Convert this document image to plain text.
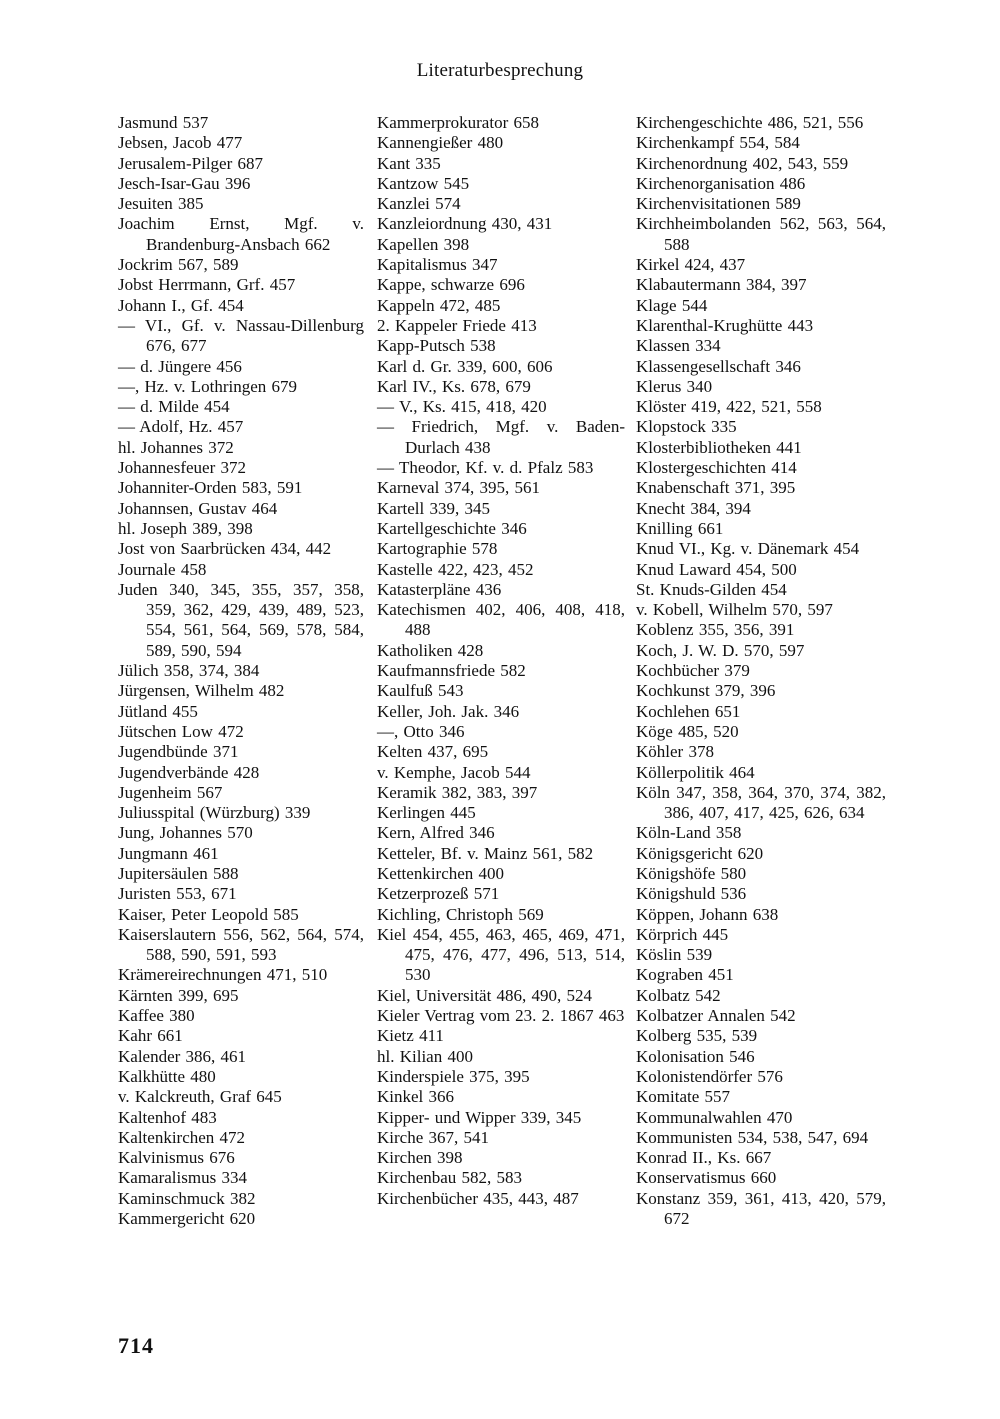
Literaturbesprechung
Jasmund 537
Jebsen, Jacob 477
Jerusalem-Pilger 687
Jesch-Isar-Gau 396
Jesuiten 385
Joachim Ernst, Mgf. v. Brandenburg-Ansbach 662
Jockrim 567, 589
Jobst Herrmann, Grf. 457
Johann I., Gf. 454
— VI., Gf. v. Nassau-Dillenburg 676, 677
— d. Jüngere 456
—, Hz. v. Lothringen 679
— d. Milde 454
— Adolf, Hz. 457
hl. Johannes 372
Johannesfeuer 372
Johanniter-Orden 583, 591
Johannsen, Gustav 464
hl. Joseph 389, 398
Jost von Saarbrücken 434, 442
Journale 458
Juden 340, 345, 355, 357, 358, 359, 362, 429, 439, 489, 523, 554, 561, 564, 569, 578, 584, 589, 590, 594
Jülich 358, 374, 384
Jürgensen, Wilhelm 482
Jütland 455
Jütschen Low 472
Jugendbünde 371
Jugendverbände 428
Jugenheim 567
Juliusspital (Würzburg) 339
Jung, Johannes 570
Jungmann 461
Jupitersäulen 588
Juristen 553, 671
Kaiser, Peter Leopold 585
Kaiserslautern 556, 562, 564, 574, 588, 590, 591, 593
Krämereirechnungen 471, 510
Kärnten 399, 695
Kaffee 380
Kahr 661
Kalender 386, 461
Kalkhütte 480
v. Kalckreuth, Graf 645
Kaltenhof 483
Kaltenkirchen 472
Kalvinismus 676
Kamaralismus 334
Kaminschmuck 382
Kammergericht 620
Kammerprokurator 658
Kannengießer 480
Kant 335
Kantzow 545
Kanzlei 574
Kanzleiordnung 430, 431
Kapellen 398
Kapitalismus 347
Kappe, schwarze 696
Kappeln 472, 485
2. Kappeler Friede 413
Kapp-Putsch 538
Karl d. Gr. 339, 600, 606
Karl IV., Ks. 678, 679
— V., Ks. 415, 418, 420
— Friedrich, Mgf. v. Baden-Durlach 438
— Theodor, Kf. v. d. Pfalz 583
Karneval 374, 395, 561
Kartell 339, 345
Kartellgeschichte 346
Kartographie 578
Kastelle 422, 423, 452
Katasterpläne 436
Katechismen 402, 406, 408, 418, 488
Katholiken 428
Kaufmannsfriede 582
Kaulfuß 543
Keller, Joh. Jak. 346
—, Otto 346
Kelten 437, 695
v. Kemphe, Jacob 544
Keramik 382, 383, 397
Kerlingen 445
Kern, Alfred 346
Ketteler, Bf. v. Mainz 561, 582
Kettenkirchen 400
Ketzerprozeß 571
Kichling, Christoph 569
Kiel 454, 455, 463, 465, 469, 471, 475, 476, 477, 496, 513, 514, 530
Kiel, Universität 486, 490, 524
Kieler Vertrag vom 23. 2. 1867 463
Kietz 411
hl. Kilian 400
Kinderspiele 375, 395
Kinkel 366
Kipper- und Wipper 339, 345
Kirche 367, 541
Kirchen 398
Kirchenbau 582, 583
Kirchenbücher 435, 443, 487
Kirchengeschichte 486, 521, 556
Kirchenkampf 554, 584
Kirchenordnung 402, 543, 559
Kirchenorganisation 486
Kirchenvisitationen 589
Kirchheimbolanden 562, 563, 564, 588
Kirkel 424, 437
Klabautermann 384, 397
Klage 544
Klarenthal-Krughütte 443
Klassen 334
Klassengesellschaft 346
Klerus 340
Klöster 419, 422, 521, 558
Klopstock 335
Klosterbibliotheken 441
Klostergeschichten 414
Knabenschaft 371, 395
Knecht 384, 394
Knilling 661
Knud VI., Kg. v. Dänemark 454
Knud Laward 454, 500
St. Knuds-Gilden 454
v. Kobell, Wilhelm 570, 597
Koblenz 355, 356, 391
Koch, J. W. D. 570, 597
Kochbücher 379
Kochkunst 379, 396
Kochlehen 651
Köge 485, 520
Köhler 378
Köllerpolitik 464
Köln 347, 358, 364, 370, 374, 382, 386, 407, 417, 425, 626, 634
Köln-Land 358
Königsgericht 620
Königshöfe 580
Königshuld 536
Köppen, Johann 638
Körprich 445
Köslin 539
Kograben 451
Kolbatz 542
Kolbatzer Annalen 542
Kolberg 535, 539
Kolonisation 546
Kolonistendörfer 576
Komitate 557
Kommunalwahlen 470
Kommunisten 534, 538, 547, 694
Konrad II., Ks. 667
Konservatismus 660
Konstanz 359, 361, 413, 420, 579, 672
714
